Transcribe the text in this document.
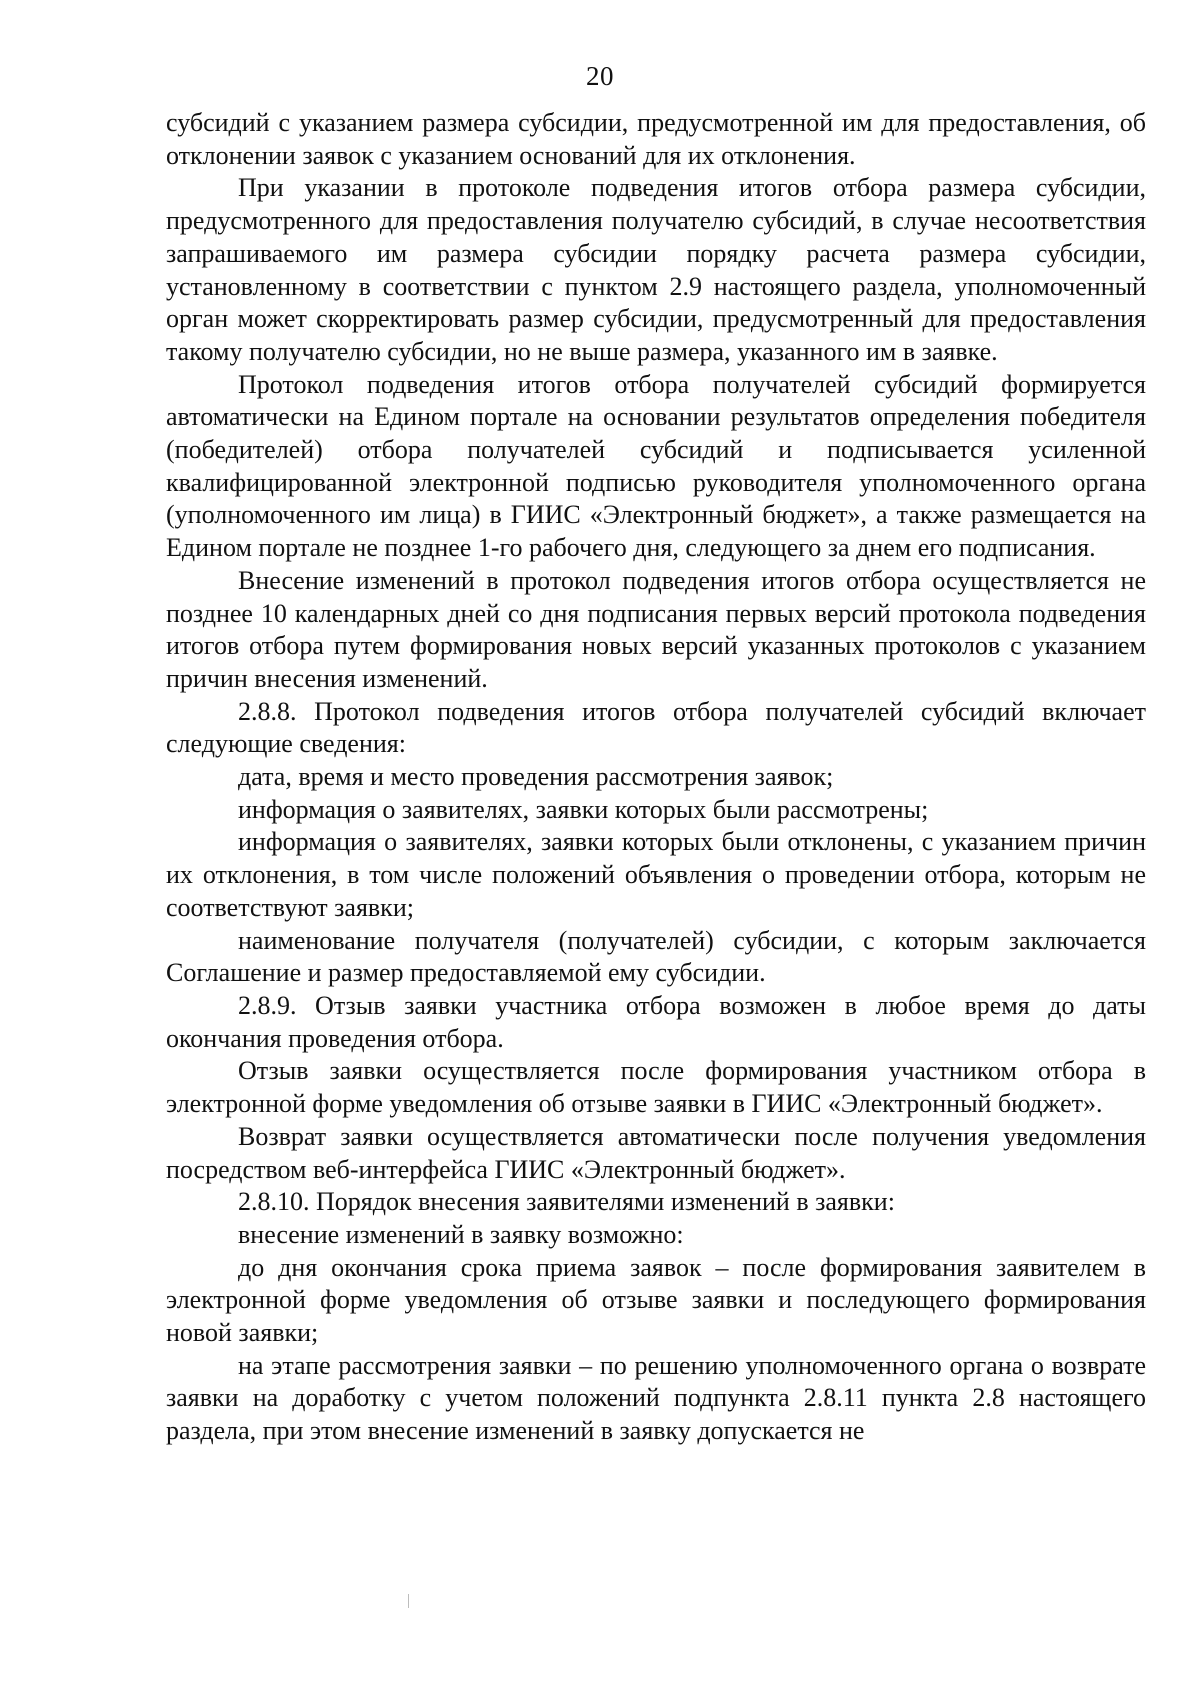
20

субсидий с указанием размера субсидии, предусмотренной им для предоставления, об отклонении заявок с указанием оснований для их отклонения.

При указании в протоколе подведения итогов отбора размера субсидии, предусмотренного для предоставления получателю субсидий, в случае несоответствия запрашиваемого им размера субсидии порядку расчета размера субсидии, установленному в соответствии с пунктом 2.9 настоящего раздела, уполномоченный орган может скорректировать размер субсидии, предусмотренный для предоставления такому получателю субсидии, но не выше размера, указанного им в заявке.

Протокол подведения итогов отбора получателей субсидий формируется автоматически на Едином портале на основании результатов определения победителя (победителей) отбора получателей субсидий и подписывается усиленной квалифицированной электронной подписью руководителя уполномоченного органа (уполномоченного им лица) в ГИИС «Электронный бюджет», а также размещается на Едином портале не позднее 1-го рабочего дня, следующего за днем его подписания.

Внесение изменений в протокол подведения итогов отбора осуществляется не позднее 10 календарных дней со дня подписания первых версий протокола подведения итогов отбора путем формирования новых версий указанных протоколов с указанием причин внесения изменений.

2.8.8. Протокол подведения итогов отбора получателей субсидий включает следующие сведения:

дата, время и место проведения рассмотрения заявок;

информация о заявителях, заявки которых были рассмотрены;

информация о заявителях, заявки которых были отклонены, с указанием причин их отклонения, в том числе положений объявления о проведении отбора, которым не соответствуют заявки;

наименование получателя (получателей) субсидии, с которым заключается Соглашение и размер предоставляемой ему субсидии.

2.8.9. Отзыв заявки участника отбора возможен в любое время до даты окончания проведения отбора.

Отзыв заявки осуществляется после формирования участником отбора в электронной форме уведомления об отзыве заявки в ГИИС «Электронный бюджет».

Возврат заявки осуществляется автоматически после получения уведомления посредством веб-интерфейса ГИИС «Электронный бюджет».

2.8.10. Порядок внесения заявителями изменений в заявки:

внесение изменений в заявку возможно:

до дня окончания срока приема заявок – после формирования заявителем в электронной форме уведомления об отзыве заявки и последующего формирования новой заявки;

на этапе рассмотрения заявки – по решению уполномоченного органа о возврате заявки на доработку с учетом положений подпункта 2.8.11 пункта 2.8 настоящего раздела, при этом внесение изменений в заявку допускается не
